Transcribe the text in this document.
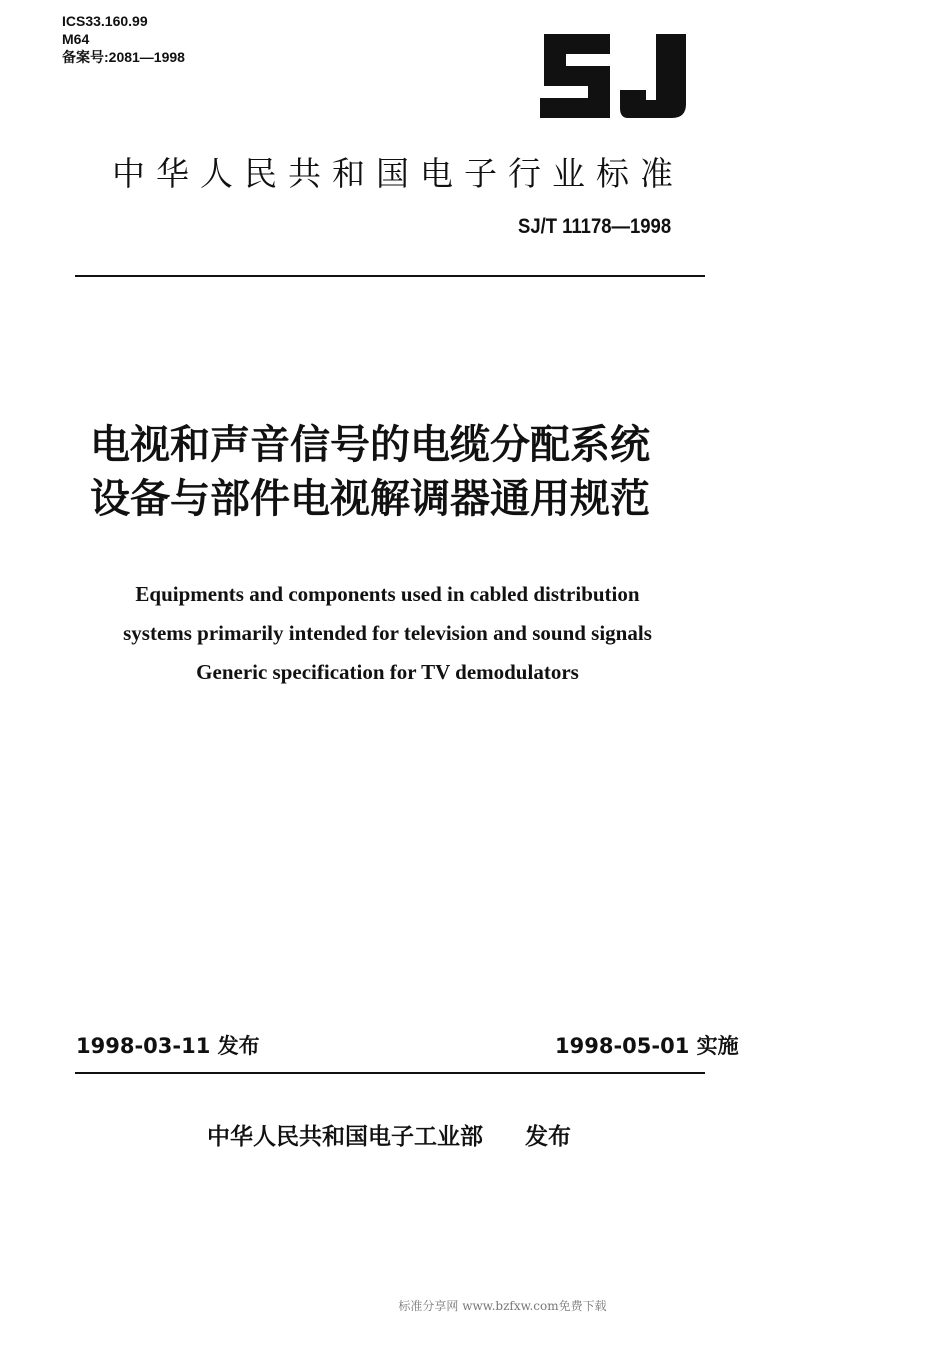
ICS33.160.99
M64
备案号:2081—1998
中华人民共和国电子行业标准
SJ/T 11178—1998
电视和声音信号的电缆分配系统
设备与部件电视解调器通用规范
Equipments and components used in cabled distribution
systems primarily intended for television and sound signals
Generic specification for TV demodulators
1998-03-11 发布	1998-05-01 实施
中华人民共和国电子工业部 发布
标准分享网 www.bzfxw.com免费下载
